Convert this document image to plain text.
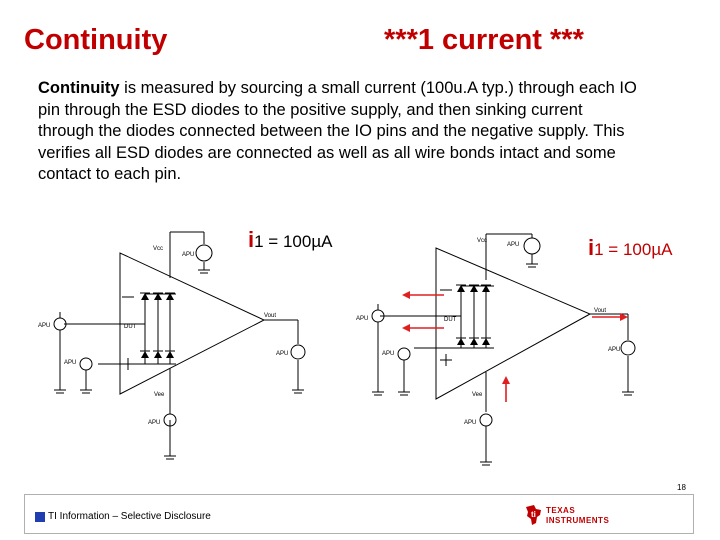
Continuity	***1 current ***
Continuity is measured by sourcing a small current (100u.A typ.) through each IO pin through the ESD diodes to the positive supply, and then sinking current through the diodes connected between the IO pins and the negative supply. This verifies all ESD diodes are connected as well as all wire bonds intact and some contact to each pin.
i1 = 100µA	i1 = 100µA
Vcc
APU
APU
APU
DUT
Vout
APU
Vee
APU
Vcc
APU
APU
APU
DUT
Vout
APU
Vee
APU
18
TI Information – Selective Disclosure	ti TEXAS
INSTRUMENTS
